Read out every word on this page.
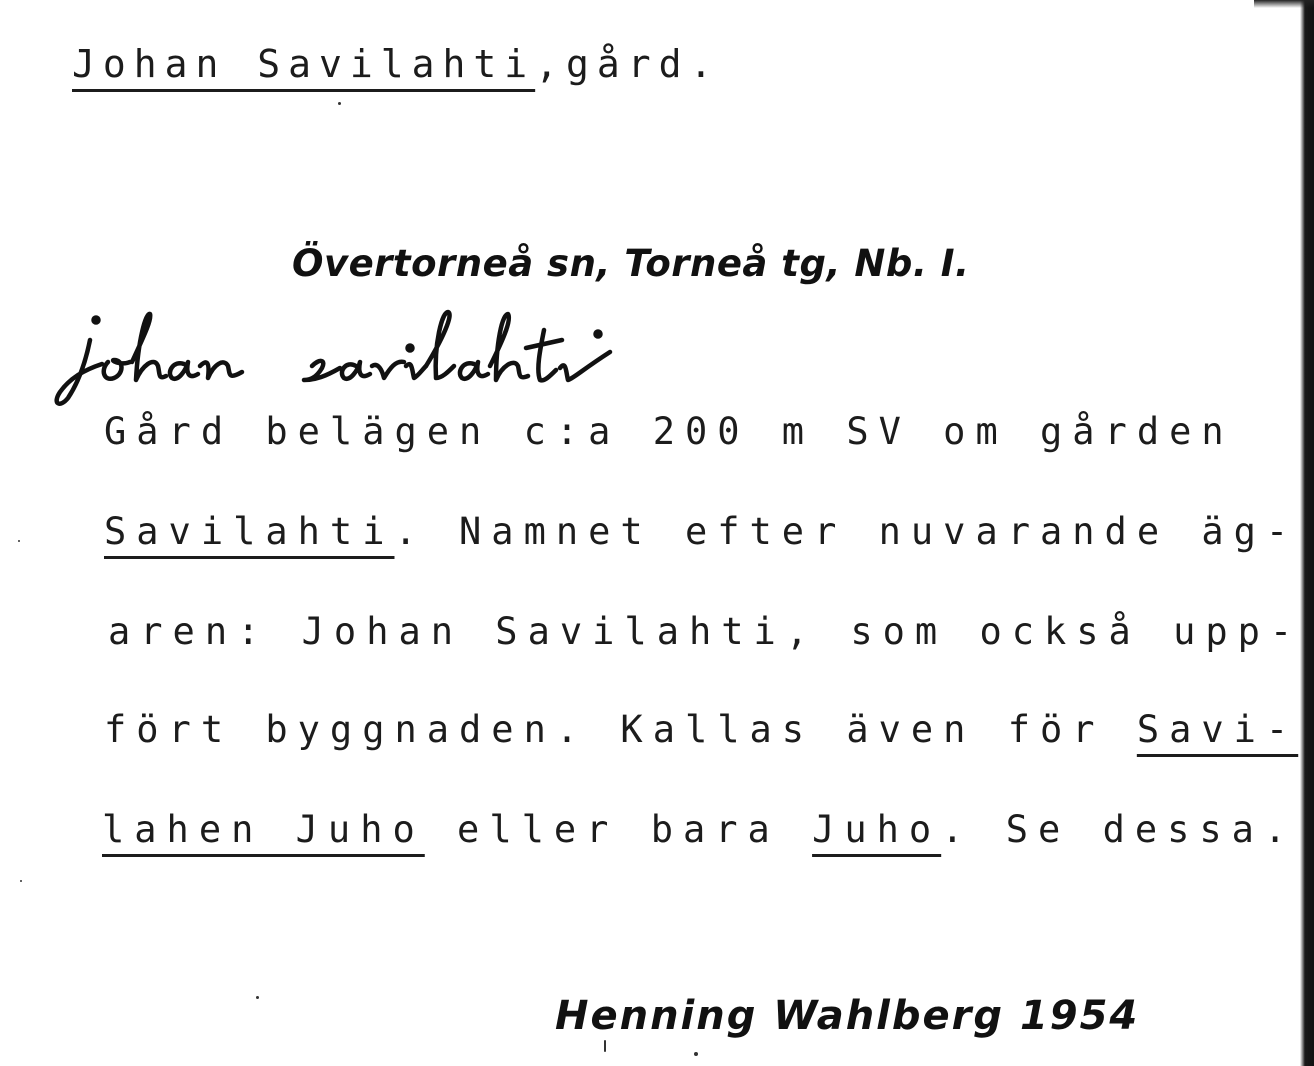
Johan Savilahti,gård.
Övertorneå sn, Torneå tg, Nb. I.
Gård belägen c:a 200 m SV om gården
Savilahti. Namnet efter nuvarande äg-
aren: Johan Savilahti, som också upp-
fört byggnaden. Kallas även för Savi-
lahen Juho eller bara Juho. Se dessa.
Henning Wahlberg 1954
